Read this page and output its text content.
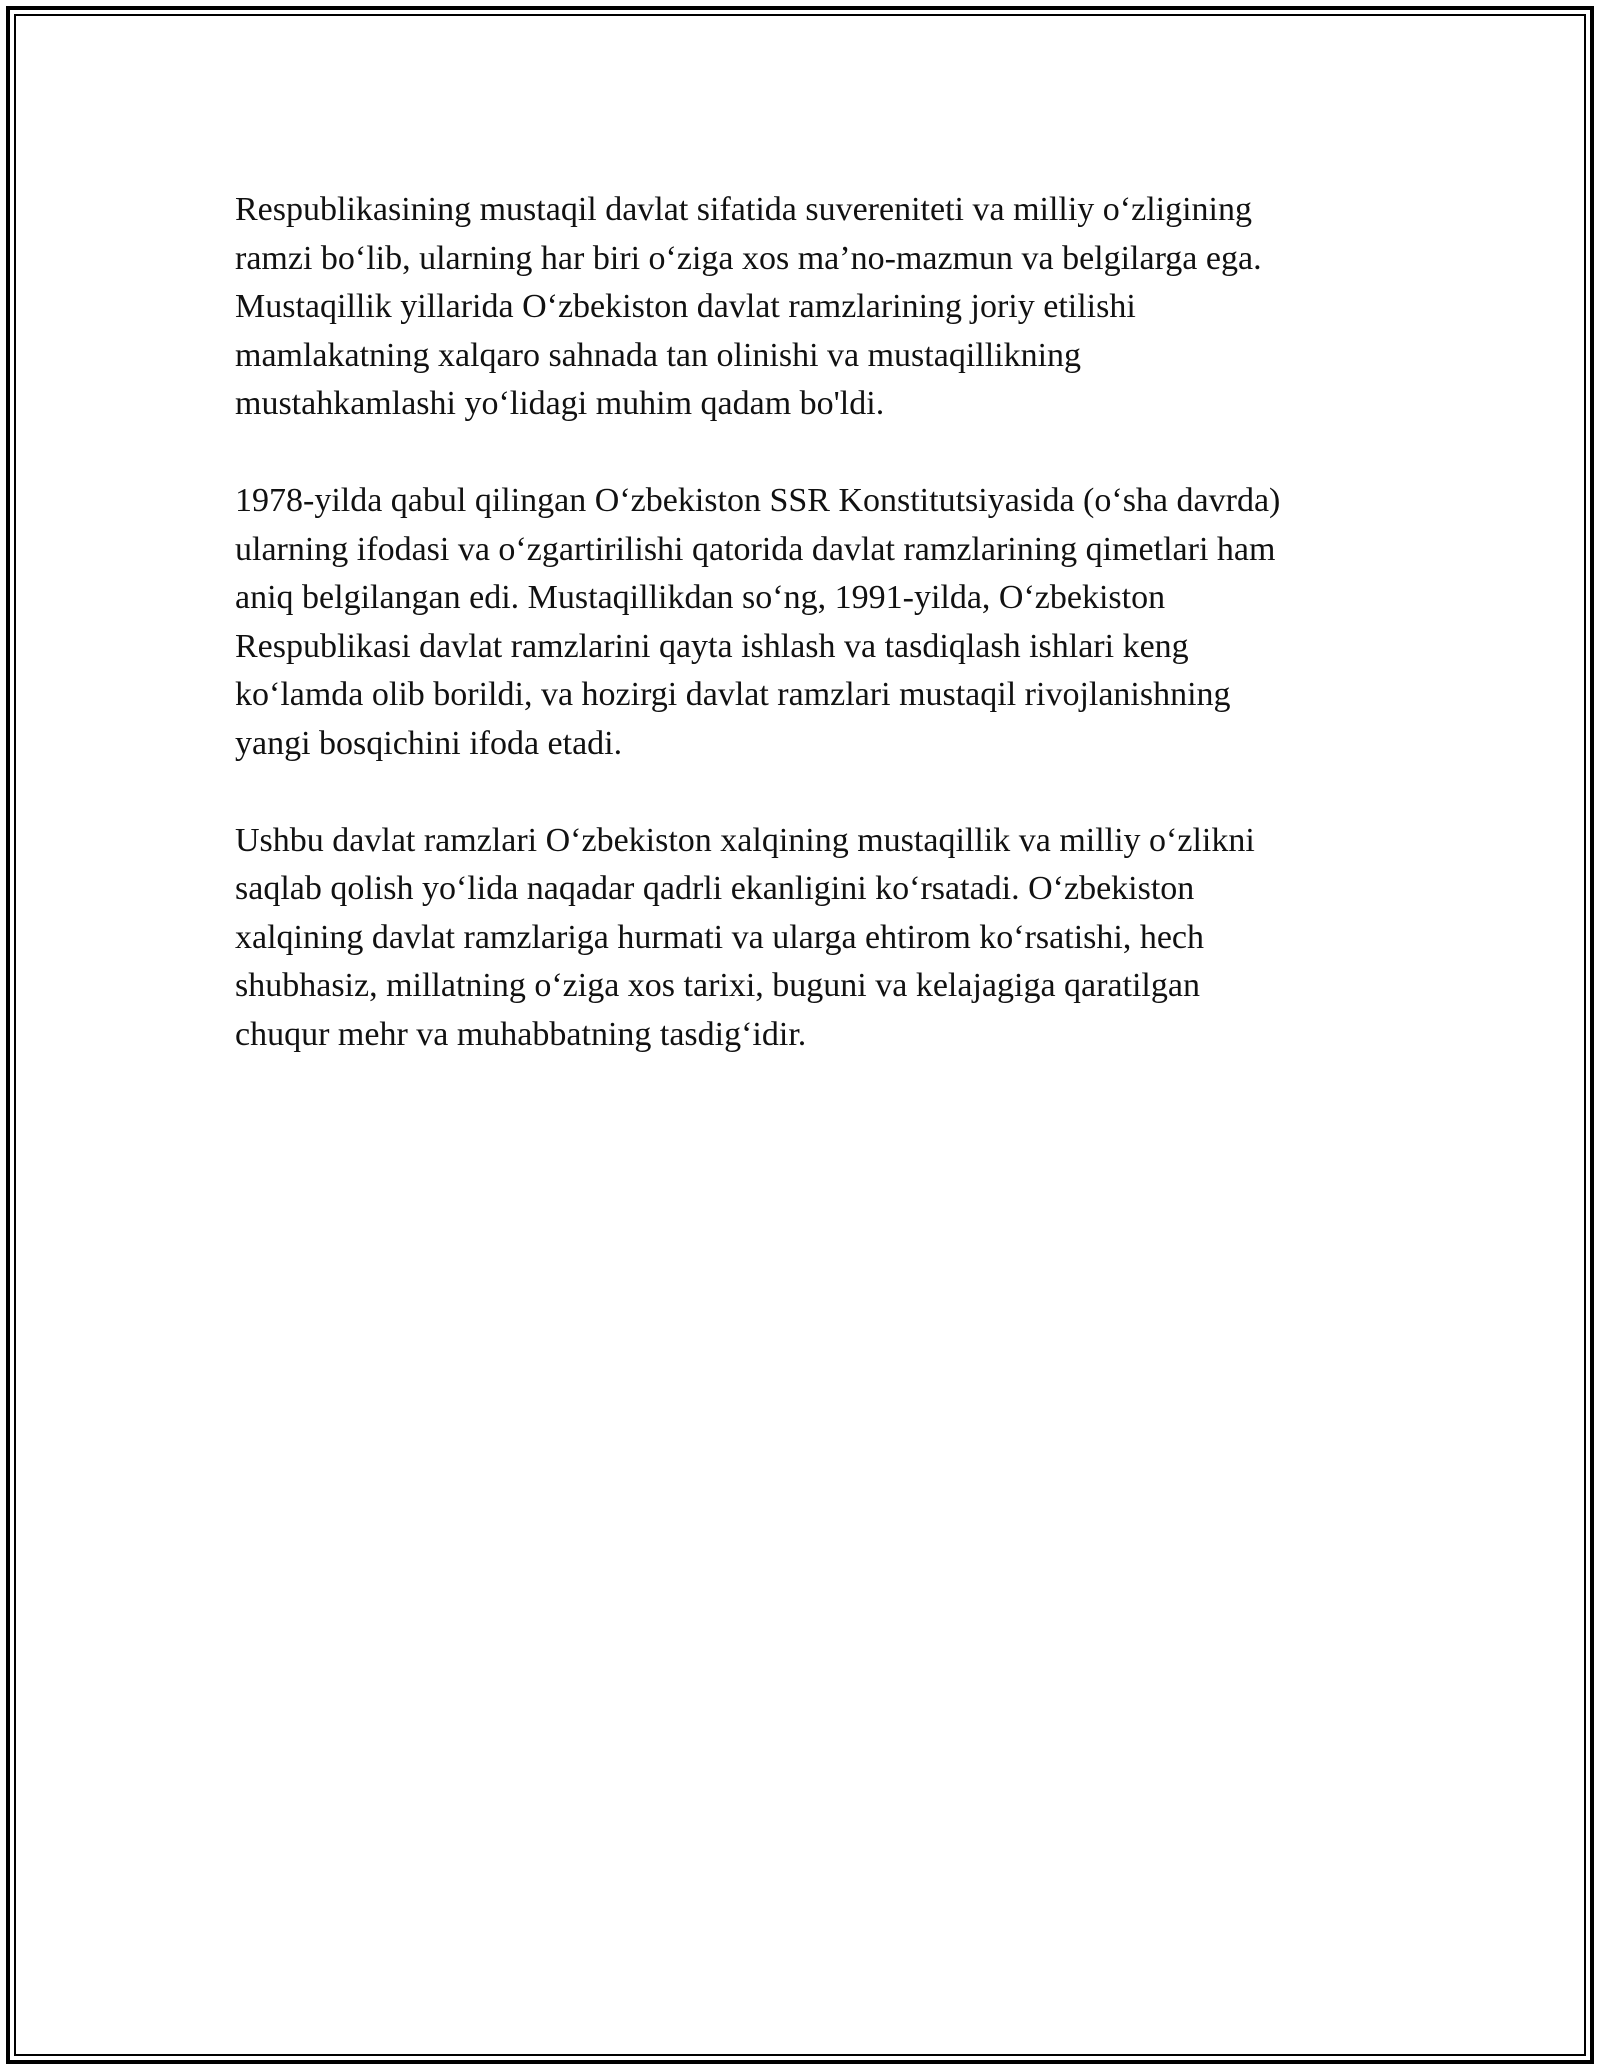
Respublikasining mustaqil davlat sifatida suvereniteti va milliy o‘zligining
ramzi bo‘lib, ularning har biri o‘ziga xos ma’no-mazmun va belgilarga ega.
Mustaqillik yillarida O‘zbekiston davlat ramzlarining joriy etilishi
mamlakatning xalqaro sahnada tan olinishi va mustaqillikning
mustahkamlashi yo‘lidagi muhim qadam bo'ldi.

1978-yilda qabul qilingan O‘zbekiston SSR Konstitutsiyasida (o‘sha davrda)
ularning ifodasi va o‘zgartirilishi qatorida davlat ramzlarining qimetlari ham
aniq belgilangan edi. Mustaqillikdan so‘ng, 1991-yilda, O‘zbekiston
Respublikasi davlat ramzlarini qayta ishlash va tasdiqlash ishlari keng
ko‘lamda olib borildi, va hozirgi davlat ramzlari mustaqil rivojlanishning
yangi bosqichini ifoda etadi.

Ushbu davlat ramzlari O‘zbekiston xalqining mustaqillik va milliy o‘zlikni
saqlab qolish yo‘lida naqadar qadrli ekanligini ko‘rsatadi. O‘zbekiston
xalqining davlat ramzlariga hurmati va ularga ehtirom ko‘rsatishi, hech
shubhasiz, millatning o‘ziga xos tarixi, buguni va kelajagiga qaratilgan
chuqur mehr va muhabbatning tasdig‘idir.
